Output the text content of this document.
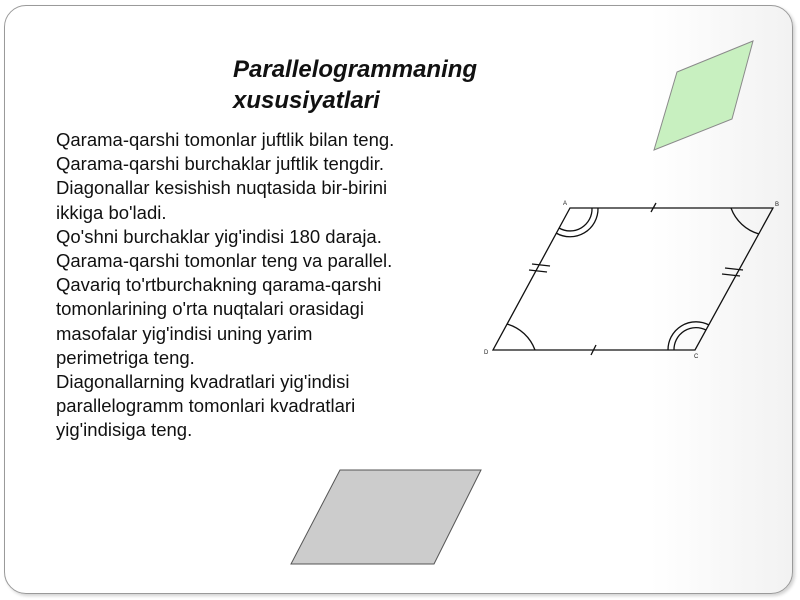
Parallelogrammaning
xususiyatlari
Qarama-qarshi tomonlar juftlik bilan teng.
Qarama-qarshi burchaklar juftlik tengdir.
Diagonallar kesishish nuqtasida bir-birini
ikkiga bo'ladi.
Qo'shni burchaklar yig'indisi 180 daraja.
Qarama-qarshi tomonlar teng va parallel.
Qavariq to'rtburchakning qarama-qarshi
tomonlarining o'rta nuqtalari orasidagi
masofalar yig'indisi uning yarim
perimetriga teng.
Diagonallarning kvadratlari yig'indisi
parallelogramm tomonlari kvadratlari
yig'indisiga teng.
A	B
C
D
